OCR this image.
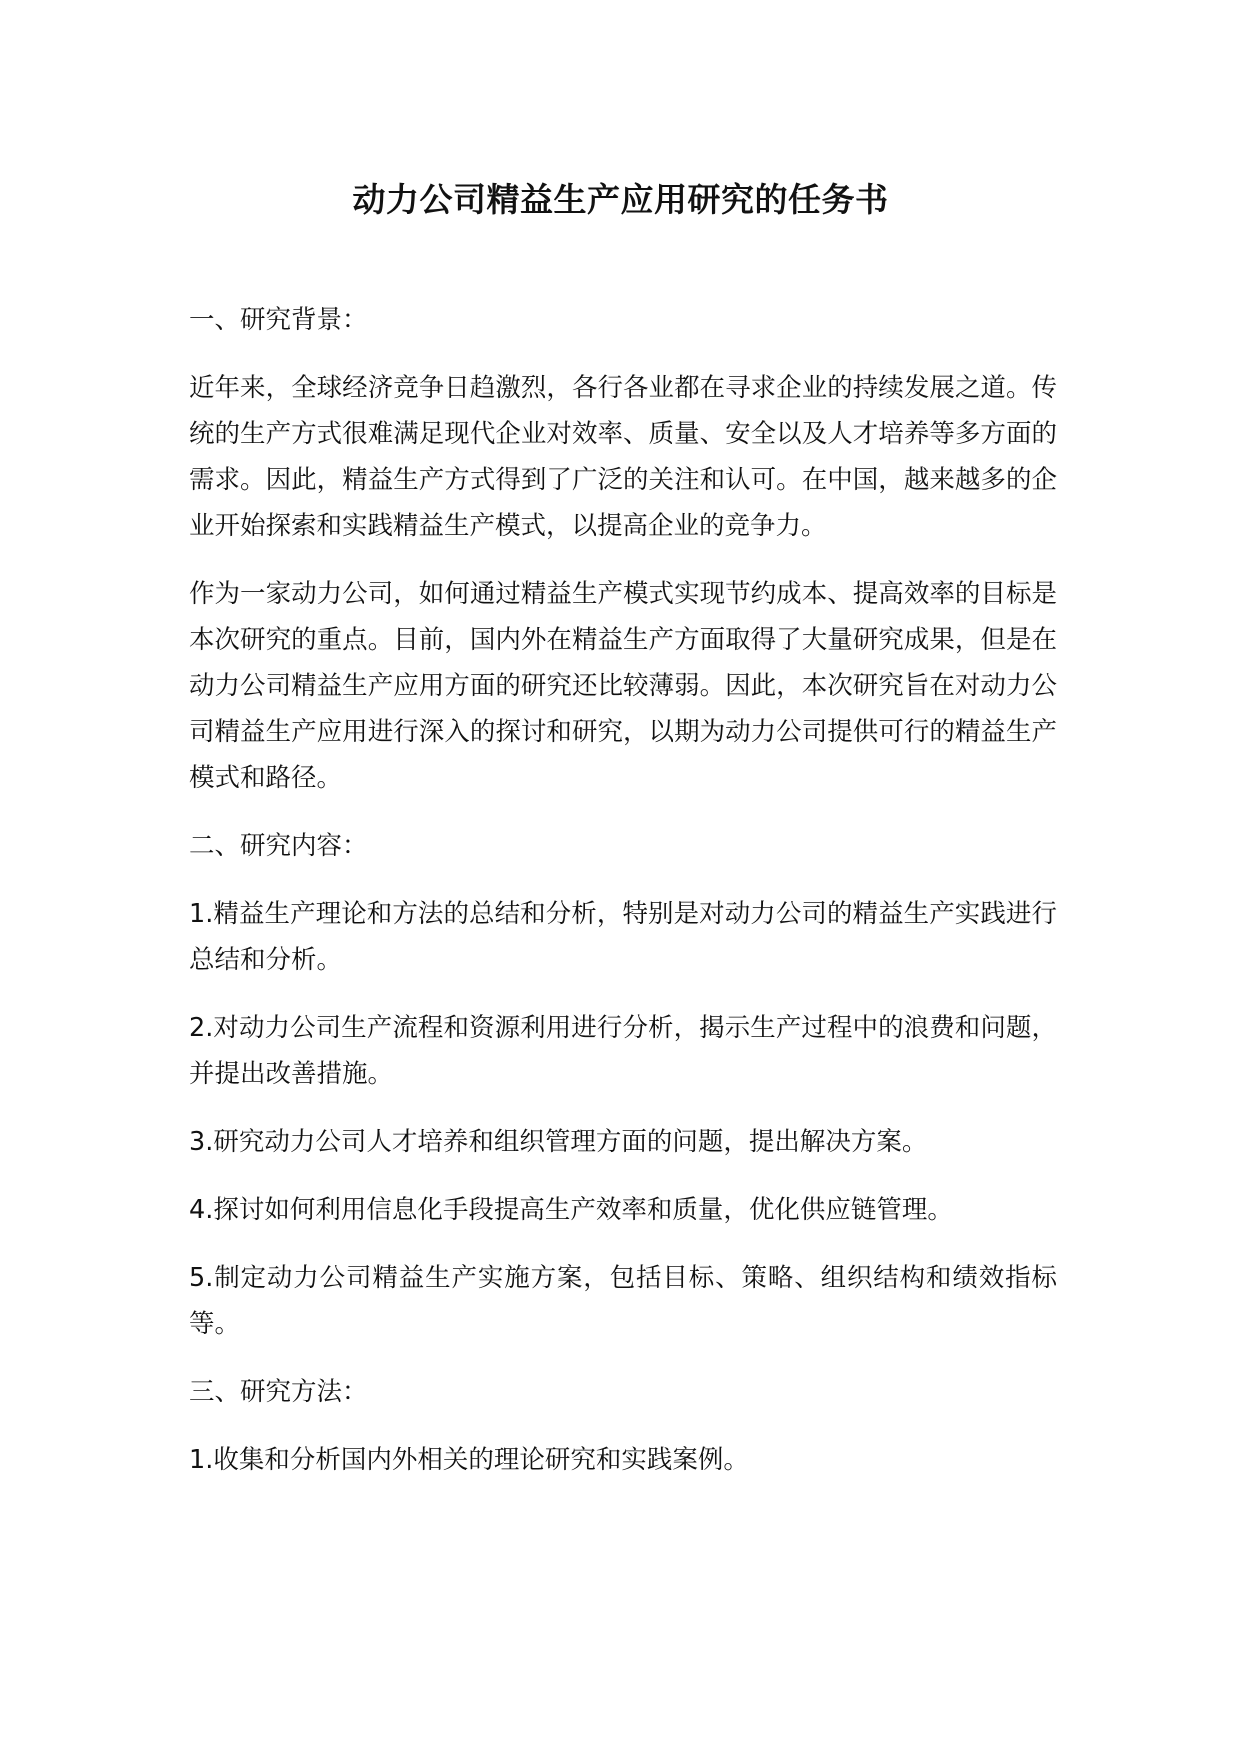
动力公司精益生产应用研究的任务书

一、研究背景：

近年来，全球经济竞争日趋激烈，各行各业都在寻求企业的持续发展之道。传统的生产方式很难满足现代企业对效率、质量、安全以及人才培养等多方面的需求。因此，精益生产方式得到了广泛的关注和认可。在中国，越来越多的企业开始探索和实践精益生产模式，以提高企业的竞争力。

作为一家动力公司，如何通过精益生产模式实现节约成本、提高效率的目标是本次研究的重点。目前，国内外在精益生产方面取得了大量研究成果，但是在动力公司精益生产应用方面的研究还比较薄弱。因此，本次研究旨在对动力公司精益生产应用进行深入的探讨和研究，以期为动力公司提供可行的精益生产模式和路径。

二、研究内容：

1.精益生产理论和方法的总结和分析，特别是对动力公司的精益生产实践进行总结和分析。

2.对动力公司生产流程和资源利用进行分析，揭示生产过程中的浪费和问题，并提出改善措施。

3.研究动力公司人才培养和组织管理方面的问题，提出解决方案。

4.探讨如何利用信息化手段提高生产效率和质量，优化供应链管理。

5.制定动力公司精益生产实施方案，包括目标、策略、组织结构和绩效指标等。

三、研究方法：

1.收集和分析国内外相关的理论研究和实践案例。
